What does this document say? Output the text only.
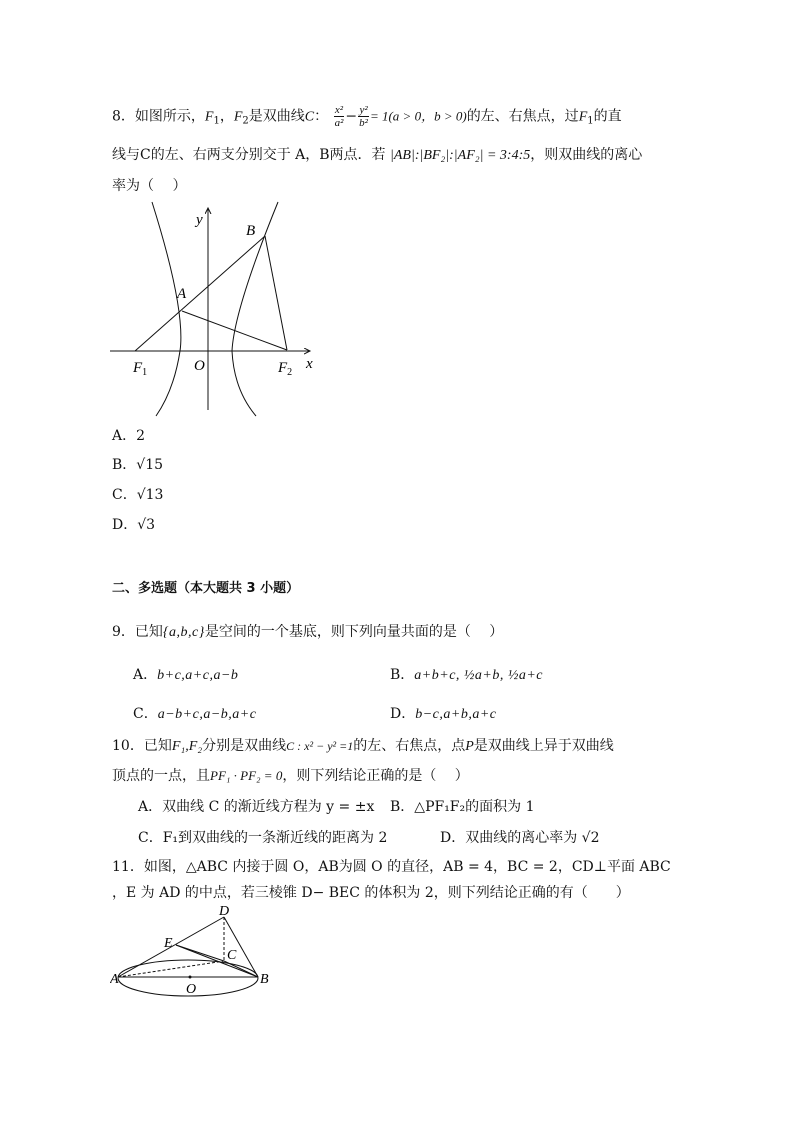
8．如图所示，$F_1$，$F_2$是双曲线C： $\frac{\text{x²}}{\text{a²}} - \frac{\text{y²}}{\text{b²}} = 1(a > 0$，b > 0)的左、右焦点，过$F_1$的直
线与C的左、右两支分别交于 A，B两点．若 |AB|:|BF₂|:|AF₂| = 3:4:5，则双曲线的离心
率为（　 ）
y
B
A
O	x
$F_1$	$F_2$
A．2
B．√15
C．√13
D．√3
二、多选题（本大题共 3 小题）
9．已知{a,b,c}是空间的一个基底，则下列向量共面的是（　 ）
A．b+c,a+c,a−b	B．a+b+c, ½a+b, ½a+c
C．a−b+c,a−b,a+c	D．b−c,a+b,a+c
10．已知F₁,F₂分别是双曲线C : x² − y² =1的左、右焦点，点P是双曲线上异于双曲线
顶点的一点，且PF₁ · PF₂ = 0，则下列结论正确的是（　 ）
A．双曲线 C 的渐近线方程为 y = ±x B．△PF₁F₂的面积为 1
C．F₁到双曲线的一条渐近线的距离为 2	D．双曲线的离心率为 √2
11．如图，△ABC 内接于圆 O，AB为圆 O 的直径，AB = 4，BC = 2，CD⊥平面 ABC
，E 为 AD 的中点，若三棱锥 D− BEC 的体积为 2，则下列结论正确的有（　　）
D
E
C
A	B
O
